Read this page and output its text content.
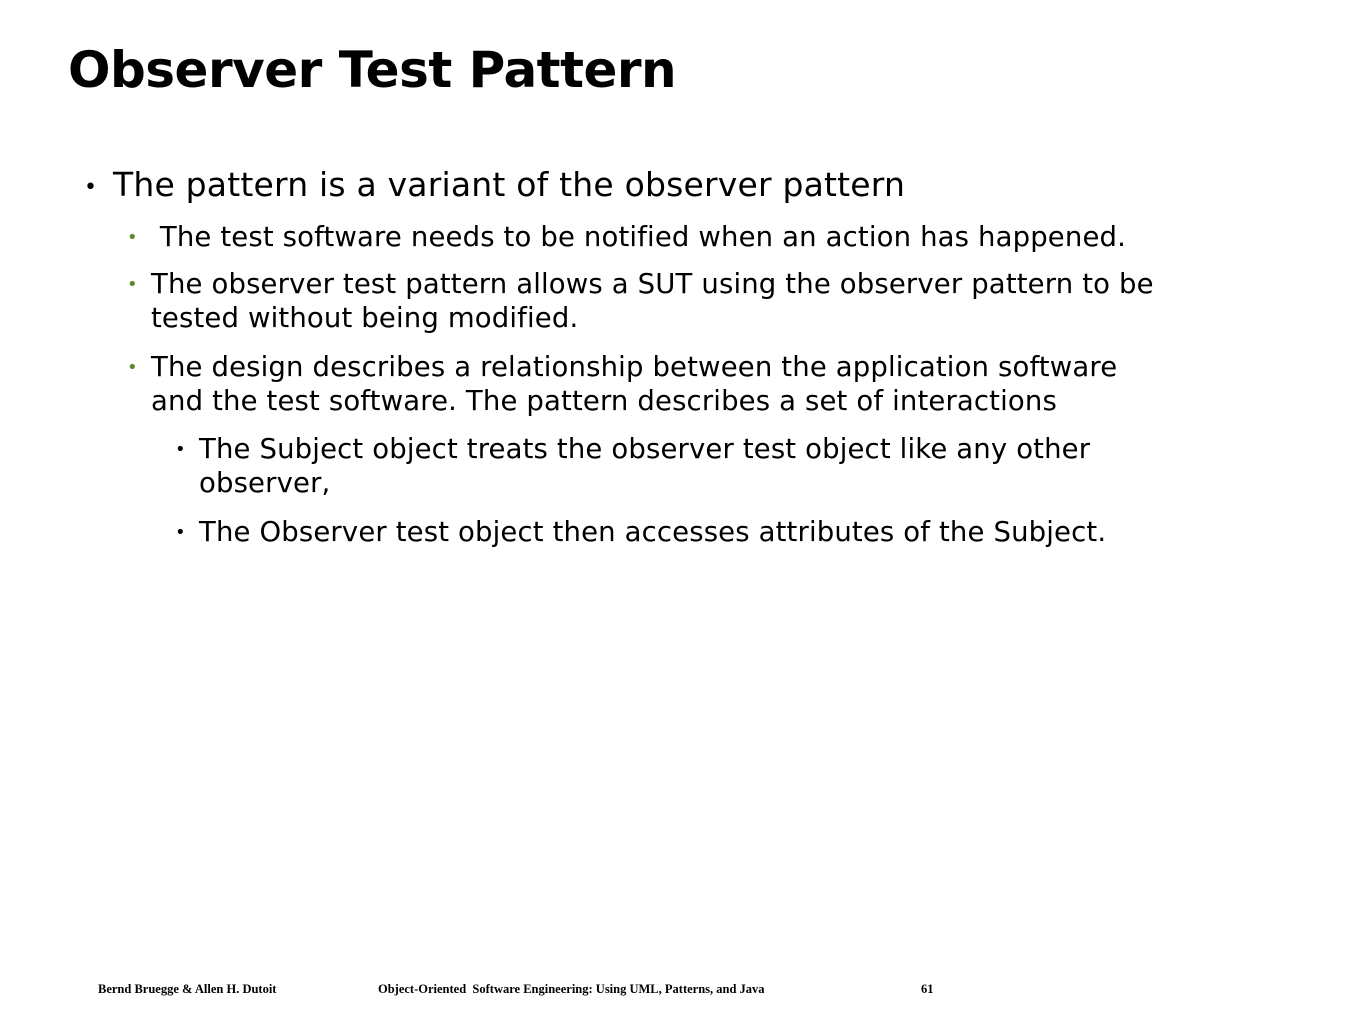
Observer Test Pattern
• The pattern is a variant of the observer pattern
• The test software needs to be notified when an action has happened.
• The observer test pattern allows a SUT using the observer pattern to be
tested without being modified.
• The design describes a relationship between the application software
and the test software. The pattern describes a set of interactions
• The Subject object treats the observer test object like any other
observer,
• The Observer test object then accesses attributes of the Subject.
Bernd Bruegge & Allen H. Dutoit	Object-Oriented  Software Engineering: Using UML, Patterns, and Java	61
